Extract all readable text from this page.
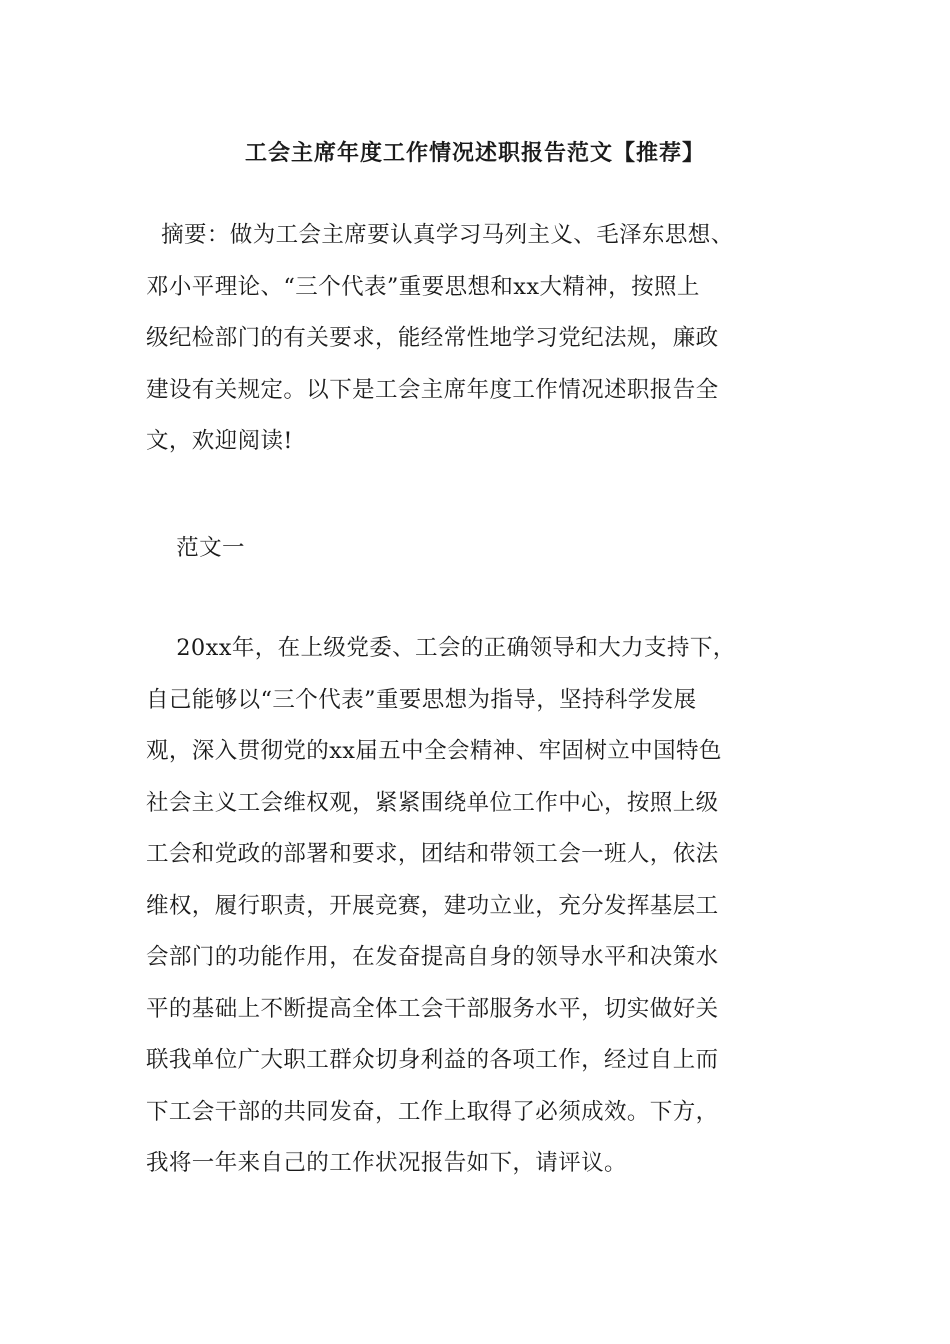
工会主席年度工作情况述职报告范文【推荐】
摘要：做为工会主席要认真学习马列主义、毛泽东思想、
邓小平理论、“三个代表”重要思想和xx大精神，按照上
级纪检部门的有关要求，能经常性地学习党纪法规，廉政
建设有关规定。以下是工会主席年度工作情况述职报告全
文，欢迎阅读!
范文一
20xx年，在上级党委、工会的正确领导和大力支持下，
自己能够以“三个代表”重要思想为指导，坚持科学发展
观，深入贯彻党的xx届五中全会精神、牢固树立中国特色
社会主义工会维权观，紧紧围绕单位工作中心，按照上级
工会和党政的部署和要求，团结和带领工会一班人，依法
维权，履行职责，开展竞赛，建功立业，充分发挥基层工
会部门的功能作用，在发奋提高自身的领导水平和决策水
平的基础上不断提高全体工会干部服务水平，切实做好关
联我单位广大职工群众切身利益的各项工作，经过自上而
下工会干部的共同发奋，工作上取得了必须成效。下方，
我将一年来自己的工作状况报告如下，请评议。
